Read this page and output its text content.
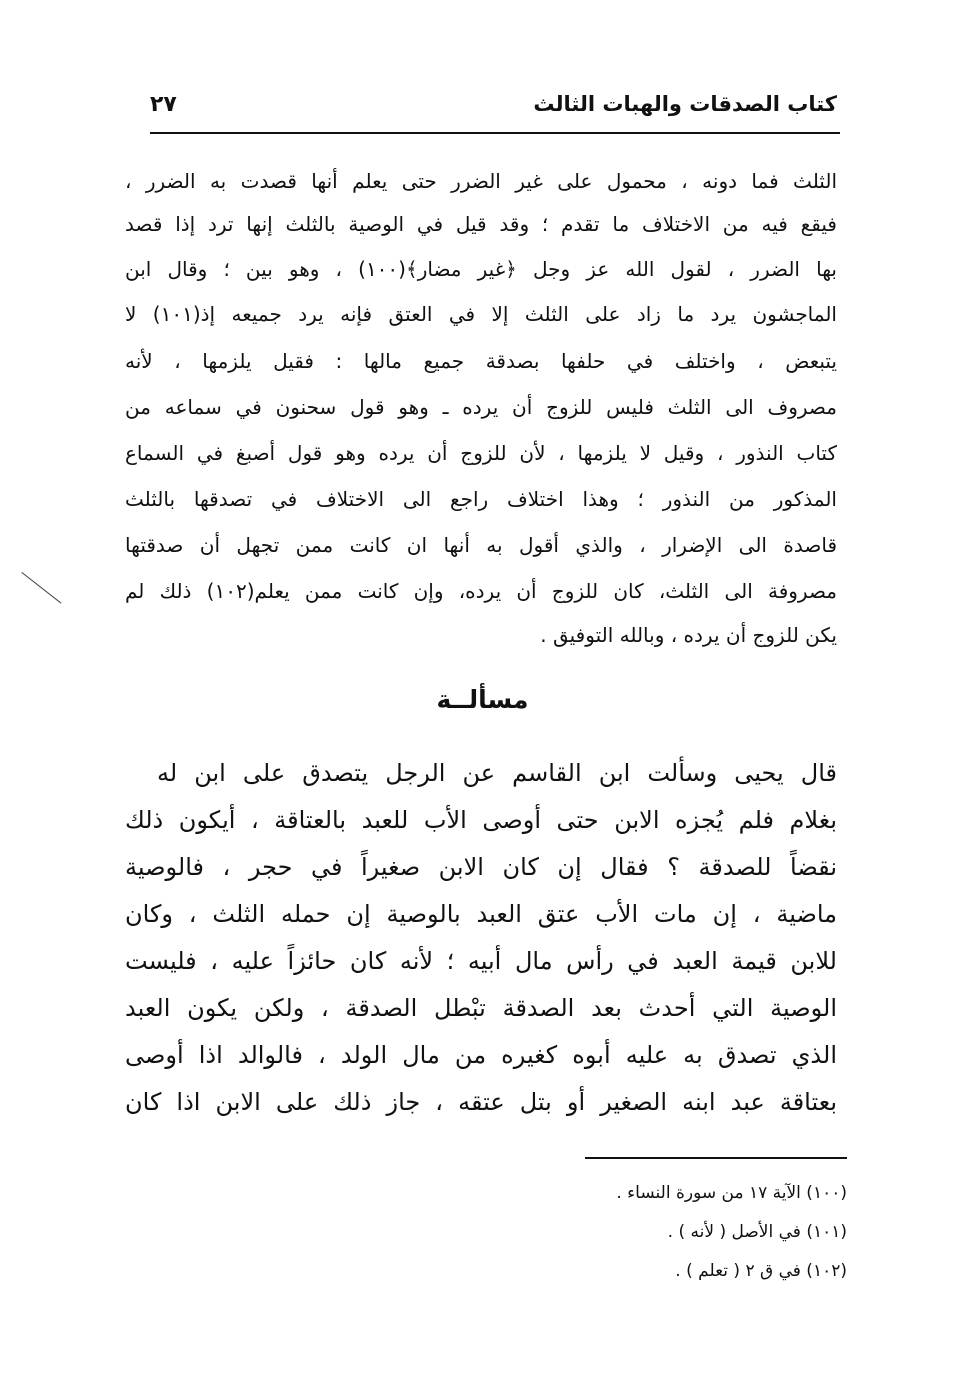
كتاب الصدقات والهبات الثالث
٢٧
الثلث فما دونه ، محمول على غير الضرر حتى يعلم أنها قصدت به الضرر ،
فيقع فيه من الاختلاف ما تقدم ؛ وقد قيل في الوصية بالثلث إنها ترد إذا قصد
بها الضرر ، لقول الله عز وجل ﴿غير مضار﴾(١٠٠) ، وهو بين ؛ وقال ابن
الماجشون يرد ما زاد على الثلث إلا في العتق فإنه يرد جميعه إذ(١٠١) لا
يتبعض ، واختلف في حلفها بصدقة جميع مالها : فقيل يلزمها ، لأنه
مصروف الى الثلث فليس للزوج أن يرده ـ وهو قول سحنون في سماعه من
كتاب النذور ، وقيل لا يلزمها ، لأن للزوج أن يرده وهو قول أصبغ في السماع
المذكور من النذور ؛ وهذا اختلاف راجع الى الاختلاف في تصدقها بالثلث
قاصدة الى الإضرار ، والذي أقول به أنها ان كانت ممن تجهل أن صدقتها
مصروفة الى الثلث، كان للزوج أن يرده، وإن كانت ممن يعلم(١٠٢) ذلك لم
يكن للزوج أن يرده ، وبالله التوفيق .
مسألــة
قال يحيى وسألت ابن القاسم عن الرجل يتصدق على ابن له
بغلام فلم يُجزه الابن حتى أوصى الأب للعبد بالعتاقة ، أيكون ذلك
نقضاً للصدقة ؟ فقال إن كان الابن صغيراً في حجر ، فالوصية
ماضية ، إن مات الأب عتق العبد بالوصية إن حمله الثلث ، وكان
للابن قيمة العبد في رأس مال أبيه ؛ لأنه كان حائزاً عليه ، فليست
الوصية التي أحدث بعد الصدقة تبْطل الصدقة ، ولكن يكون العبد
الذي تصدق به عليه أبوه كغيره من مال الولد ، فالوالد اذا أوصى
بعتاقة عبد ابنه الصغير أو بتل عتقه ، جاز ذلك على الابن اذا كان
(١٠٠) الآية ١٧ من سورة النساء .
(١٠١) في الأصل ( لأنه ) .
(١٠٢) في ق ٢ ( تعلم ) .
